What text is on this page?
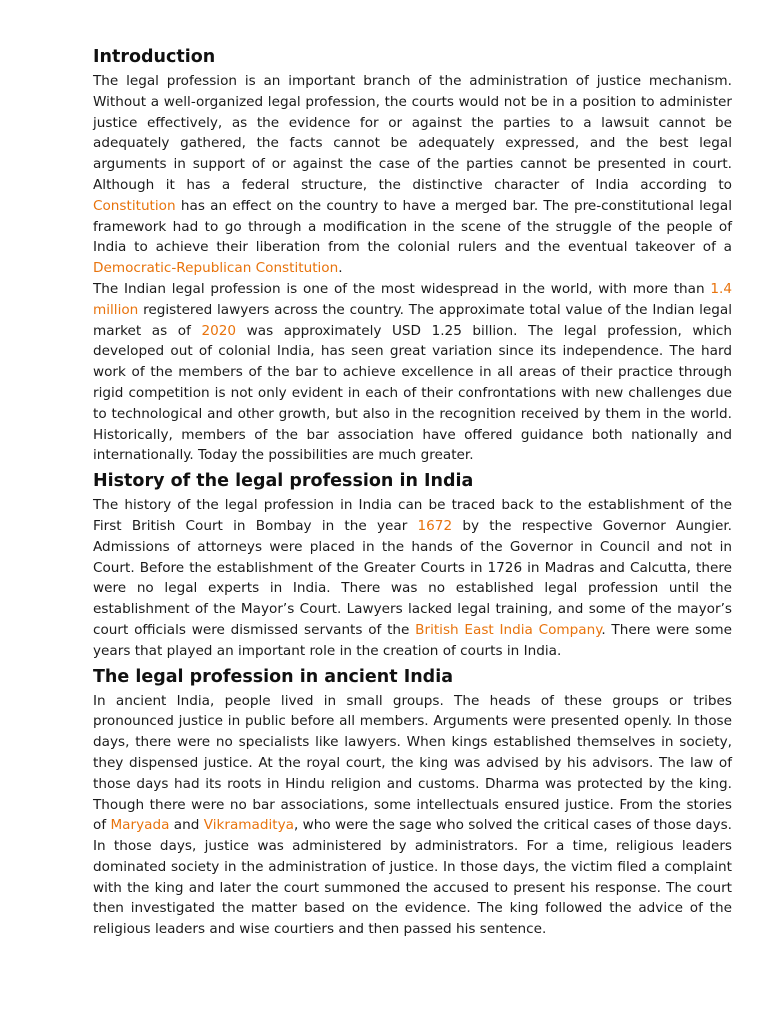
Introduction

The legal profession is an important branch of the administration of justice mechanism. Without a well-organized legal profession, the courts would not be in a position to administer justice effectively, as the evidence for or against the parties to a lawsuit cannot be adequately gathered, the facts cannot be adequately expressed, and the best legal arguments in support of or against the case of the parties cannot be presented in court. Although it has a federal structure, the distinctive character of India according to Constitution has an effect on the country to have a merged bar. The pre-constitutional legal framework had to go through a modification in the scene of the struggle of the people of India to achieve their liberation from the colonial rulers and the eventual takeover of a Democratic-Republican Constitution.

The Indian legal profession is one of the most widespread in the world, with more than 1.4 million registered lawyers across the country. The approximate total value of the Indian legal market as of 2020 was approximately USD 1.25 billion. The legal profession, which developed out of colonial India, has seen great variation since its independence. The hard work of the members of the bar to achieve excellence in all areas of their practice through rigid competition is not only evident in each of their confrontations with new challenges due to technological and other growth, but also in the recognition received by them in the world. Historically, members of the bar association have offered guidance both nationally and internationally. Today the possibilities are much greater.

History of the legal profession in India

The history of the legal profession in India can be traced back to the establishment of the First British Court in Bombay in the year 1672 by the respective Governor Aungier. Admissions of attorneys were placed in the hands of the Governor in Council and not in Court. Before the establishment of the Greater Courts in 1726 in Madras and Calcutta, there were no legal experts in India. There was no established legal profession until the establishment of the Mayor’s Court. Lawyers lacked legal training, and some of the mayor’s court officials were dismissed servants of the British East India Company. There were some years that played an important role in the creation of courts in India.

The legal profession in ancient India

In ancient India, people lived in small groups. The heads of these groups or tribes pronounced justice in public before all members. Arguments were presented openly. In those days, there were no specialists like lawyers. When kings established themselves in society, they dispensed justice. At the royal court, the king was advised by his advisors. The law of those days had its roots in Hindu religion and customs. Dharma was protected by the king. Though there were no bar associations, some intellectuals ensured justice. From the stories of Maryada and Vikramaditya, who were the sage who solved the critical cases of those days. In those days, justice was administered by administrators. For a time, religious leaders dominated society in the administration of justice. In those days, the victim filed a complaint with the king and later the court summoned the accused to present his response. The court then investigated the matter based on the evidence. The king followed the advice of the religious leaders and wise courtiers and then passed his sentence.
